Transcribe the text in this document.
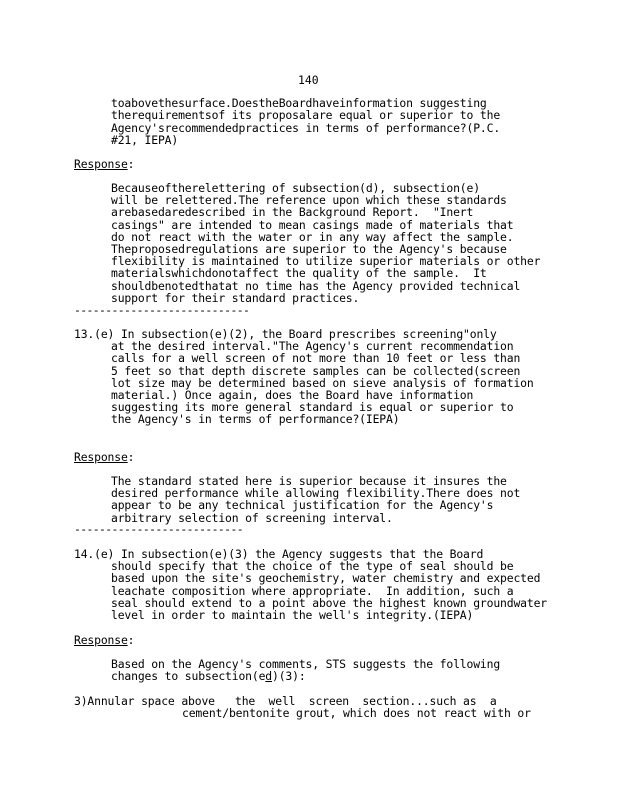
140
toabovethesurface.DoestheBoardhaveinformation suggesting
therequirementsof its proposalare equal or superior to the
Agency'srecommendedpractices in terms of performance?(P.C.
#21, IEPA)
Response:
Becauseoftherelettering of subsection(d), subsection(e)
will be relettered.The reference upon which these standards
arebasedaredescribed in the Background Report.  "Inert
casings" are intended to mean casings made of materials that
do not react with the water or in any way affect the sample.
Theproposedregulations are superior to the Agency's because
flexibility is maintained to utilize superior materials or other
materialswhichdonotaffect the quality of the sample.  It
shouldbenotedthatat no time has the Agency provided technical
support for their standard practices.
----------------------------
13.(e) In subsection(e)(2), the Board prescribes screening"only
at the desired interval."The Agency's current recommendation
calls for a well screen of not more than 10 feet or less than
5 feet so that depth discrete samples can be collected(screen
lot size may be determined based on sieve analysis of formation
material.) Once again, does the Board have information
suggesting its more general standard is equal or superior to
the Agency's in terms of performance?(IEPA)
Response:
The standard stated here is superior because it insures the
desired performance while allowing flexibility.There does not
appear to be any technical justification for the Agency's
arbitrary selection of screening interval.
---------------------------
14.(e) In subsection(e)(3) the Agency suggests that the Board
should specify that the choice of the type of seal should be
based upon the site's geochemistry, water chemistry and expected
leachate composition where appropriate.  In addition, such a
seal should extend to a point above the highest known groundwater
level in order to maintain the well's integrity.(IEPA)
Response:
Based on the Agency's comments, STS suggests the following
changes to subsection(ed)(3):
3)Annular space above   the  well  screen  section...such as  a
cement/bentonite grout, which does not react with or
